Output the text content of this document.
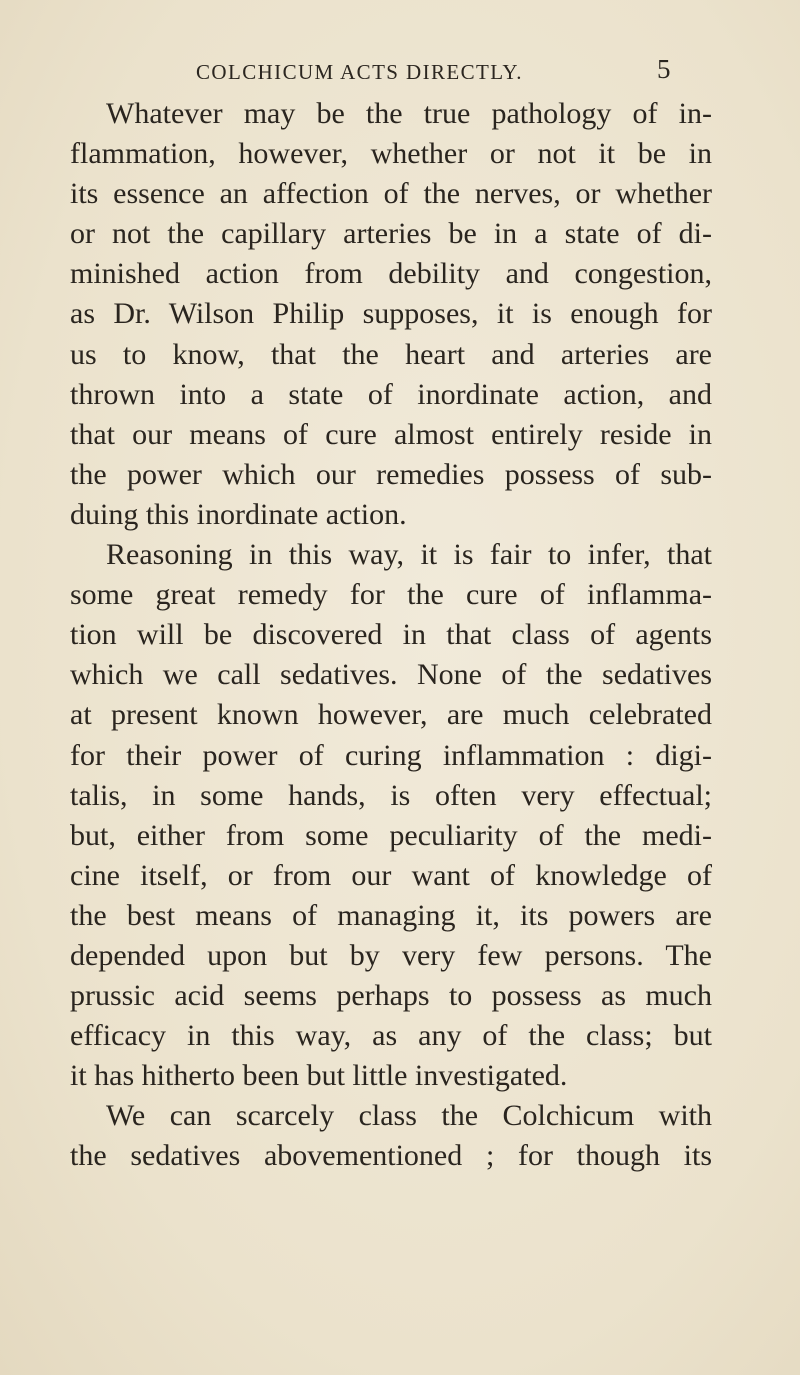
COLCHICUM ACTS DIRECTLY.	5
Whatever may be the true pathology of in-
flammation, however, whether or not it be in
its essence an affection of the nerves, or whether
or not the capillary arteries be in a state of di-
minished action from debility and congestion,
as Dr. Wilson Philip supposes, it is enough for
us to know, that the heart and arteries are
thrown into a state of inordinate action, and
that our means of cure almost entirely reside in
the power which our remedies possess of sub-
duing this inordinate action.
Reasoning in this way, it is fair to infer, that
some great remedy for the cure of inflamma-
tion will be discovered in that class of agents
which we call sedatives. None of the sedatives
at present known however, are much celebrated
for their power of curing inflammation : digi-
talis, in some hands, is often very effectual;
but, either from some peculiarity of the medi-
cine itself, or from our want of knowledge of
the best means of managing it, its powers are
depended upon but by very few persons. The
prussic acid seems perhaps to possess as much
efficacy in this way, as any of the class; but
it has hitherto been but little investigated.
We can scarcely class the Colchicum with
the sedatives abovementioned ; for though its
